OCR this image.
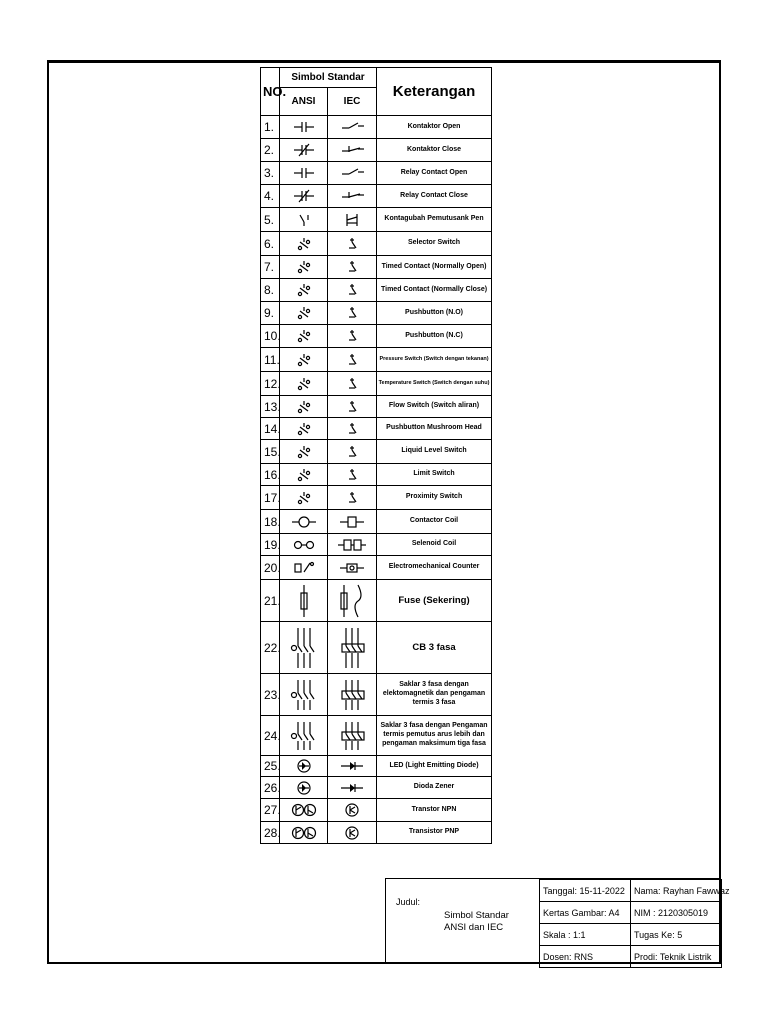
NO.	Simbol Standar		Keterangan
	ANSI	IEC	
1.			Kontaktor Open
2.			Kontaktor Close
3.			Relay Contact Open
4.			Relay Contact Close
5.			Kontagubah Pemutusank Pen
6.			Selector Switch
7.			Timed Contact (Normally Open)
8.			Timed Contact (Normally Close)
9.			Pushbutton (N.O)
10.			Pushbutton (N.C)
11.			Pressure Switch (Switch dengan tekanan)
12.			Temperature Switch (Switch dengan suhu)
13.			Flow Switch (Switch aliran)
14.			Pushbutton Mushroom Head
15.			Liquid Level Switch
16.			Limit Switch
17.			Proximity Switch
18.			Contactor Coil
19.			Selenoid Coil
20.			Electromechanical Counter
21.			Fuse (Sekering)
22.			CB 3 fasa
23.			Saklar 3 fasa dengan elektomagnetik dan pengaman termis 3 fasa
24.			Saklar 3 fasa dengan Pengaman termis pemutus arus lebih dan pengaman maksimum tiga fasa
25.			LED (Light Emitting Diode)
26.			Dioda Zener
27.			Transtor NPN
28.			Transistor PNP
Judul:
Simbol Standar
ANSI dan IEC
Tanggal: 15-11-2022	Nama: Rayhan Fawwaz
Kertas Gambar: A4	NIM : 2120305019
Skala : 1:1	Tugas Ke: 5
Dosen: RNS	Prodi: Teknik Listrik
